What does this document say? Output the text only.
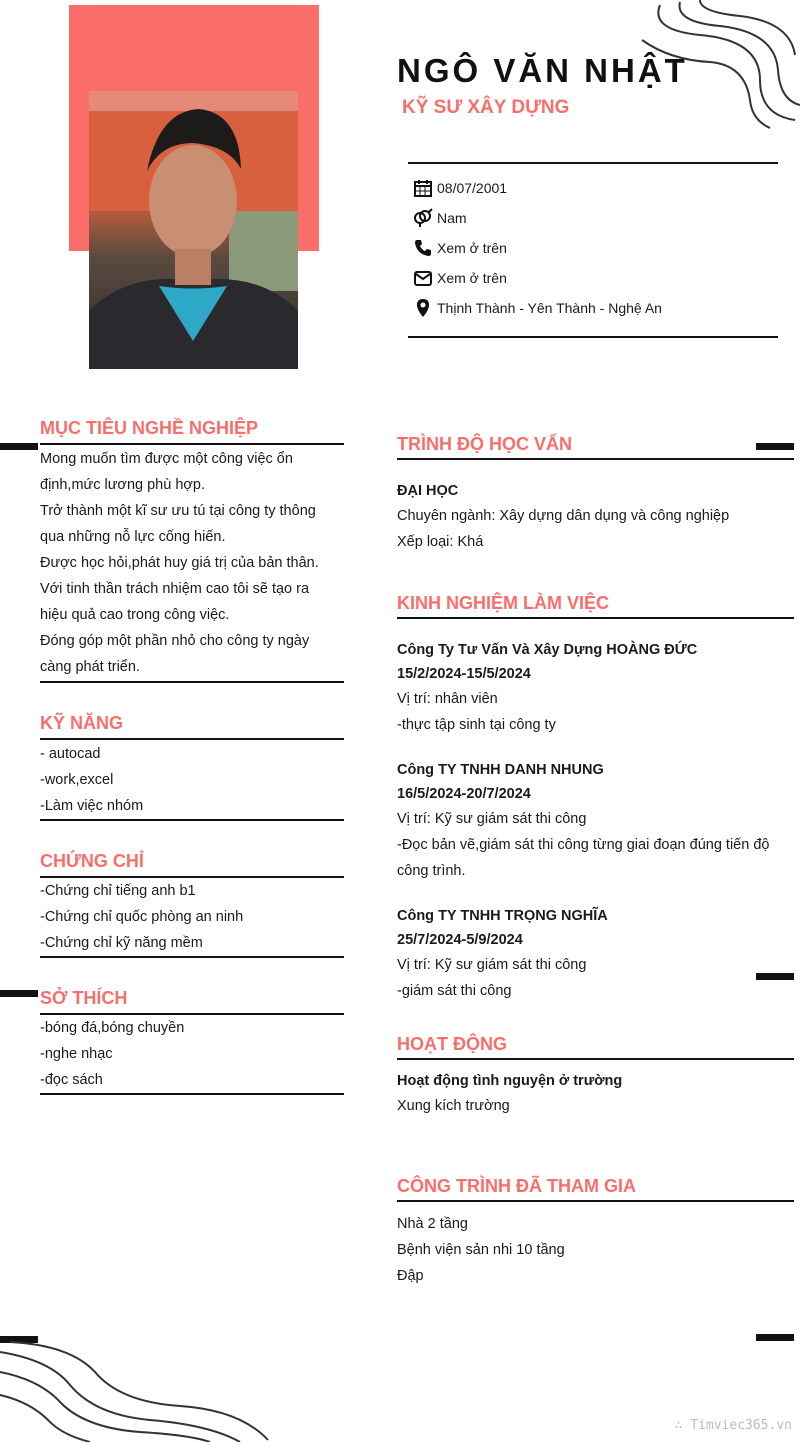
NGÔ VĂN NHẬT
KỸ SƯ XÂY DỰNG
08/07/2001
Nam
Xem ở trên
Xem ở trên
Thịnh Thành - Yên Thành - Nghệ An
MỤC TIÊU NGHỀ NGHIỆP
Mong muốn tìm được một công việc ổn
định,mức lương phù hợp.
Trở thành một kĩ sư ưu tú tại công ty thông
qua những nỗ lực cống hiến.
Được học hỏi,phát huy giá trị của bản thân.
Với tinh thần trách nhiệm cao tôi sẽ tạo ra
hiệu quả cao trong công việc.
Đóng góp một phần nhỏ cho công ty ngày
càng phát triển.
KỸ NĂNG
- autocad
-work,excel
-Làm việc nhóm
CHỨNG CHỈ
-Chứng chỉ tiếng anh b1
-Chứng chỉ quốc phòng an ninh
-Chứng chỉ kỹ năng mềm
SỞ THÍCH
-bóng đá,bóng chuyền
-nghe nhạc
-đọc sách
TRÌNH ĐỘ HỌC VẤN
ĐẠI HỌC
Chuyên ngành: Xây dựng dân dụng và công nghiệp
Xếp loại: Khá
KINH NGHIỆM LÀM VIỆC
Công Ty Tư Vấn Và Xây Dựng HOÀNG ĐỨC
15/2/2024-15/5/2024
Vị trí: nhân viên
-thực tập sinh tại công ty
Công TY TNHH DANH NHUNG
16/5/2024-20/7/2024
Vị trí: Kỹ sư giám sát thi công
-Đọc bản vẽ,giám sát thi công từng giai đoạn đúng tiến độ
công trình.
Công TY TNHH TRỌNG NGHĨA
25/7/2024-5/9/2024
Vị trí: Kỹ sư giám sát thi công
-giám sát thi công
HOẠT ĐỘNG
Hoạt động tình nguyện ở trường
Xung kích trường
CÔNG TRÌNH ĐÃ THAM GIA
Nhà 2 tầng
Bệnh viện sản nhi 10 tầng
Đập
∴ Timviec365.vn
